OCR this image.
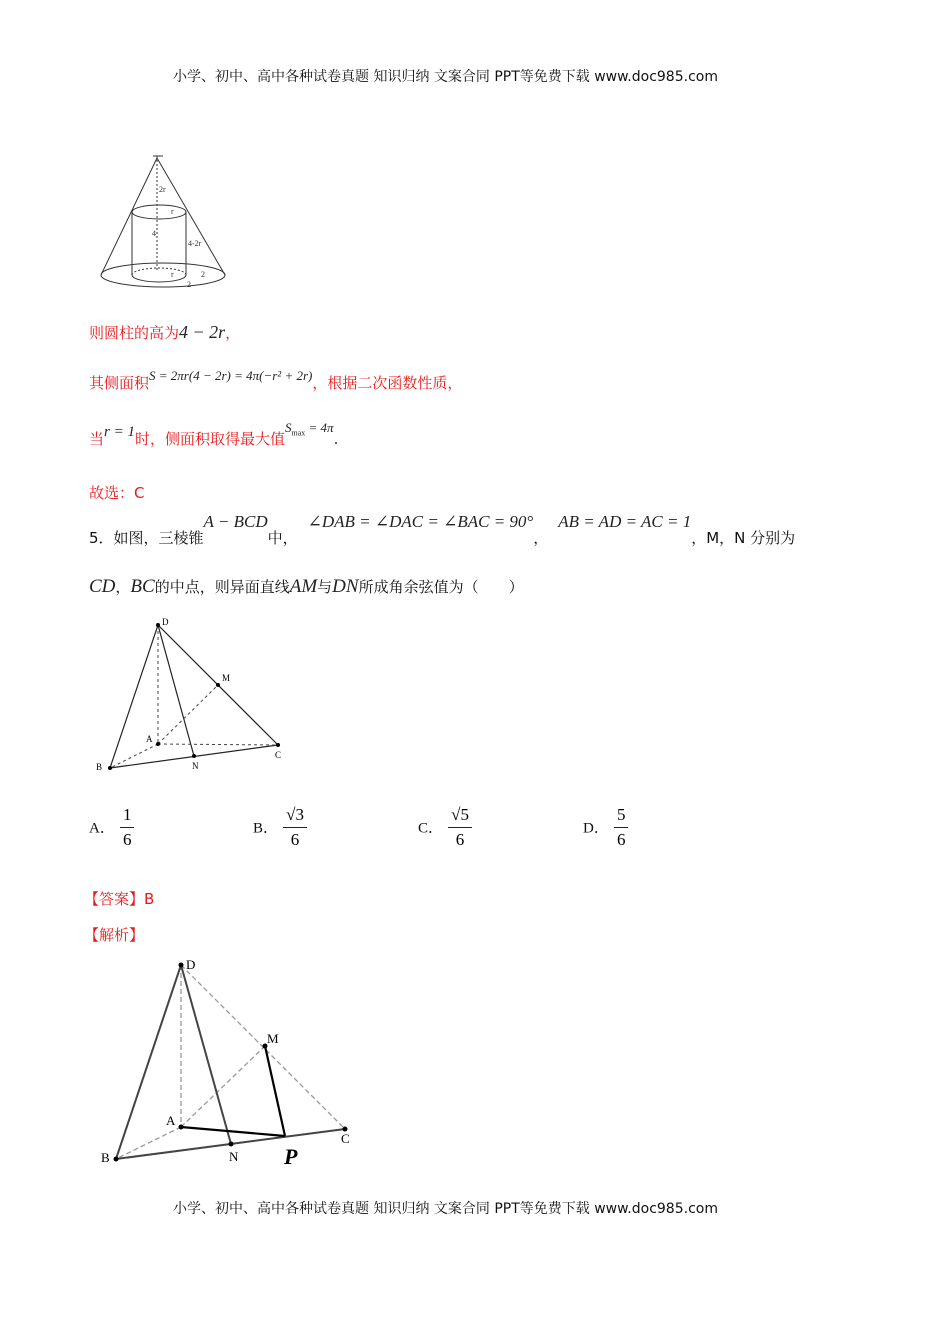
小学、初中、高中各种试卷真题 知识归纳 文案合同 PPT等免费下载 www.doc985.com
2r
r
4
4-2r
r	2
2
则圆柱的高为4 − 2r，
其侧面积S = 2πr(4 − 2r) = 4π(−r² + 2r)，根据二次函数性质，
当r = 1时，侧面积取得最大值$S_{max} = 4\pi$.
故选：C
5．如图，三棱锥A − BCD中，∠DAB = ∠DAC = ∠BAC = 90°，AB = AD = AC = 1，M，N 分别为
CD，BC的中点，则异面直线AM与DN所成角余弦值为（　　）
D
M
A
B	N
C
A． $\frac{1}{6}$	B． $\frac{√3}{6}$	C． $\frac{√5}{6}$	D． $\frac{5}{6}$
【答案】B
【解析】
D
M
A
B	N P
C
小学、初中、高中各种试卷真题 知识归纳 文案合同 PPT等免费下载 www.doc985.com
